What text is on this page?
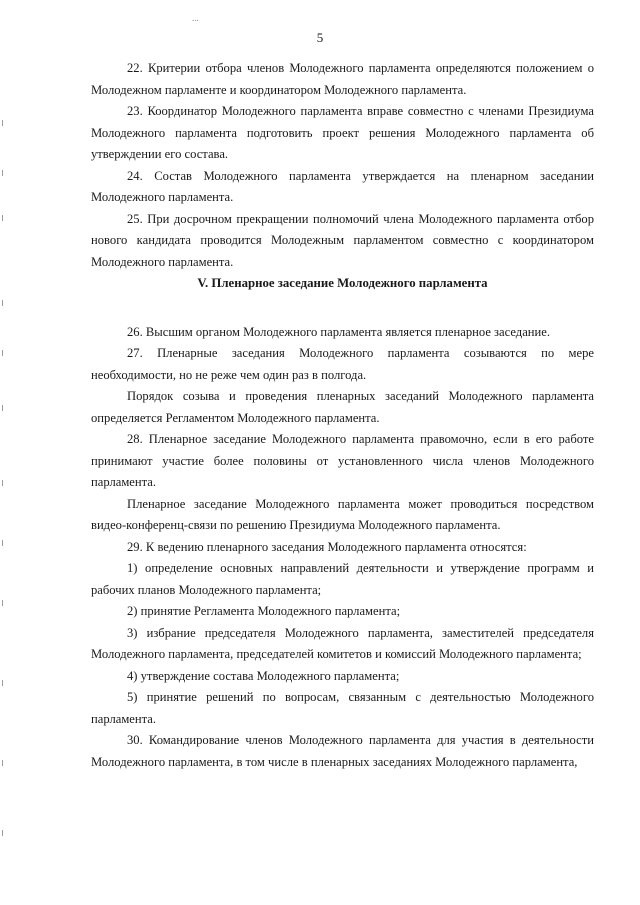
...
5

22. Критерии отбора членов Молодежного парламента определяются положением о Молодежном парламенте и координатором Молодежного парламента.

23. Координатор Молодежного парламента вправе совместно с членами Президиума Молодежного парламента подготовить проект решения Молодежного парламента об утверждении его состава.

24. Состав Молодежного парламента утверждается на пленарном заседании Молодежного парламента.

25. При досрочном прекращении полномочий члена Молодежного парламента отбор нового кандидата проводится Молодежным парламентом совместно с координатором Молодежного парламента.

V. Пленарное заседание Молодежного парламента

26. Высшим органом Молодежного парламента является пленарное заседание.

27. Пленарные заседания Молодежного парламента созываются по мере необходимости, но не реже чем один раз в полгода.

Порядок созыва и проведения пленарных заседаний Молодежного парламента определяется Регламентом Молодежного парламента.

28. Пленарное заседание Молодежного парламента правомочно, если в его работе принимают участие более половины от установленного числа членов Молодежного парламента.

Пленарное заседание Молодежного парламента может проводиться посредством видео-конференц-связи по решению Президиума Молодежного парламента.

29. К ведению пленарного заседания Молодежного парламента относятся:

1) определение основных направлений деятельности и утверждение программ и рабочих планов Молодежного парламента;

2) принятие Регламента Молодежного парламента;

3) избрание председателя Молодежного парламента, заместителей председателя Молодежного парламента, председателей комитетов и комиссий Молодежного парламента;

4) утверждение состава Молодежного парламента;

5) принятие решений по вопросам, связанным с деятельностью Молодежного парламента.

30. Командирование членов Молодежного парламента для участия в деятельности Молодежного парламента, в том числе в пленарных заседаниях Молодежного парламента,
